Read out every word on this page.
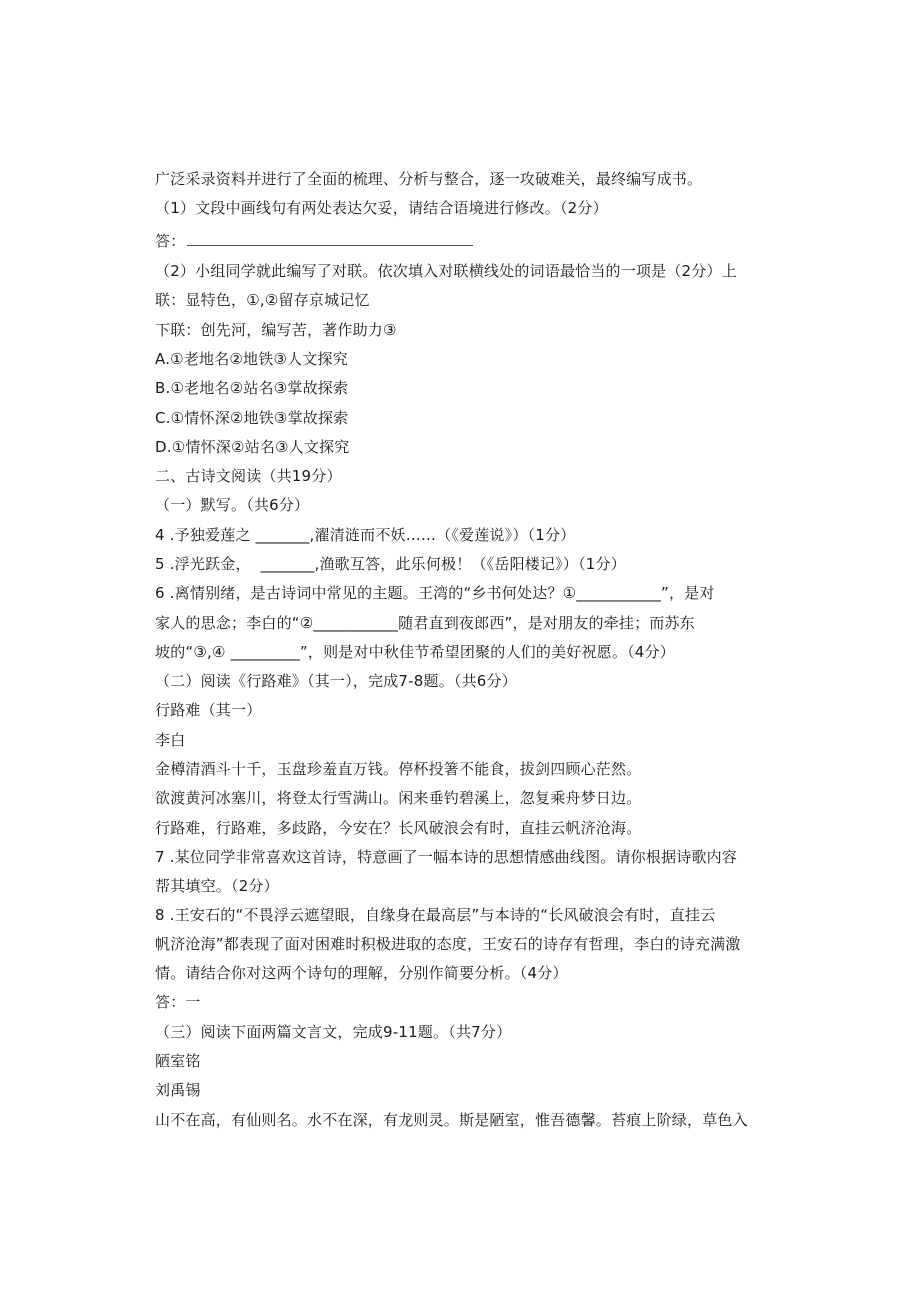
广泛采录资料并进行了全面的梳理、分析与整合，逐一攻破难关，最终编写成书。
（1）文段中画线句有两处表达欠妥，请结合语境进行修改。（2分）
答：
（2）小组同学就此编写了对联。依次填入对联横线处的词语最恰当的一项是（2分）上
联：显特色，①,②留存京城记忆
下联：创先河，编写苦，著作助力③
A.①老地名②地铁③人文探究
B.①老地名②站名③掌故探索
C.①情怀深②地铁③掌故探索
D.①情怀深②站名③人文探究
二、古诗文阅读（共19分）
（一）默写。（共6分）
4 .予独爱莲之 _______,濯清涟而不妖……（《爱莲说》）（1分）
5 .浮光跃金，  _______,渔歌互答，此乐何极！（《岳阳楼记》）（1分）
6 .离情别绪，是古诗词中常见的主题。王湾的“乡书何处达？①___________”，是对
家人的思念；李白的“②___________随君直到夜郎西”，是对朋友的牵挂；而苏东
坡的“③,④ _________”，则是对中秋佳节希望团聚的人们的美好祝愿。（4分）
（二）阅读《行路难》（其一），完成7-8题。（共6分）
行路难（其一）
李白
金樽清酒斗十千，玉盘珍羞直万钱。停杯投箸不能食，拔剑四顾心茫然。
欲渡黄河冰塞川，将登太行雪满山。闲来垂钓碧溪上，忽复乘舟梦日边。
行路难，行路难，多歧路，今安在？长风破浪会有时，直挂云帆济沧海。
7 .某位同学非常喜欢这首诗，特意画了一幅本诗的思想情感曲线图。请你根据诗歌内容
帮其填空。（2分）
8 .王安石的“不畏浮云遮望眼，自缘身在最高层”与本诗的“长风破浪会有时，直挂云
帆济沧海”都表现了面对困难时积极进取的态度，王安石的诗存有哲理，李白的诗充满激
情。请结合你对这两个诗句的理解，分别作简要分析。（4分）
答：一
（三）阅读下面两篇文言文，完成9-11题。（共7分）
陋室铭
刘禹锡
山不在高，有仙则名。水不在深，有龙则灵。斯是陋室，惟吾德馨。苔痕上阶绿，草色入
